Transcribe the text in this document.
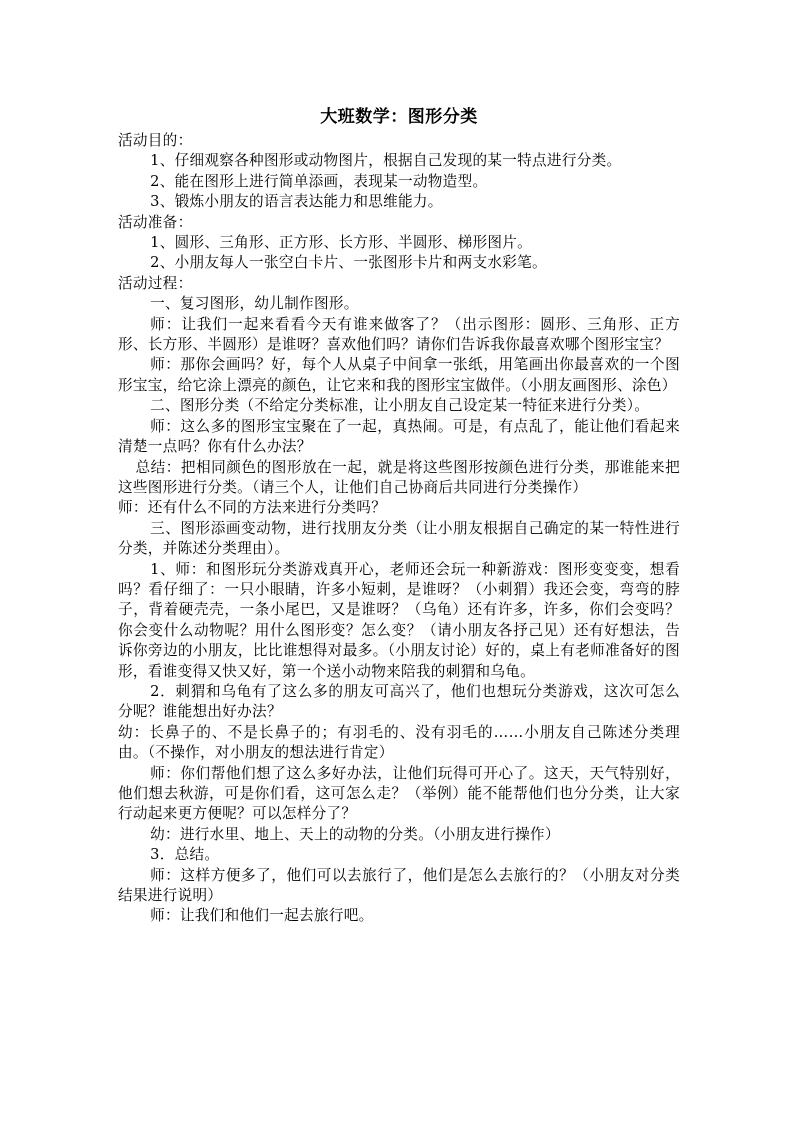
大班数学：图形分类

活动目的：

1、仔细观察各种图形或动物图片，根据自己发现的某一特点进行分类。

2、能在图形上进行简单添画，表现某一动物造型。

3、锻炼小朋友的语言表达能力和思维能力。

活动准备：

1、圆形、三角形、正方形、长方形、半圆形、梯形图片。

2、小朋友每人一张空白卡片、一张图形卡片和两支水彩笔。

活动过程：

一、复习图形，幼儿制作图形。

师：让我们一起来看看今天有谁来做客了？（出示图形：圆形、三角形、正方形、长方形、半圆形）是谁呀？喜欢他们吗？请你们告诉我你最喜欢哪个图形宝宝？

师：那你会画吗？好，每个人从桌子中间拿一张纸，用笔画出你最喜欢的一个图形宝宝，给它涂上漂亮的颜色，让它来和我的图形宝宝做伴。（小朋友画图形、涂色）

二、图形分类（不给定分类标准，让小朋友自己设定某一特征来进行分类）。

师：这么多的图形宝宝聚在了一起，真热闹。可是，有点乱了，能让他们看起来清楚一点吗？你有什么办法？

总结：把相同颜色的图形放在一起，就是将这些图形按颜色进行分类，那谁能来把这些图形进行分类。（请三个人，让他们自己协商后共同进行分类操作）

师：还有什么不同的方法来进行分类吗？

三、图形添画变动物，进行找朋友分类（让小朋友根据自己确定的某一特性进行分类，并陈述分类理由）。

1、师：和图形玩分类游戏真开心，老师还会玩一种新游戏：图形变变变，想看吗？看仔细了：一只小眼睛，许多小短刺，是谁呀？（小刺猬）我还会变，弯弯的脖子，背着硬壳壳，一条小尾巴，又是谁呀？（乌龟）还有许多，许多，你们会变吗？你会变什么动物呢？用什么图形变？怎么变？（请小朋友各抒己见）还有好想法，告诉你旁边的小朋友，比比谁想得对最多。（小朋友讨论）好的，桌上有老师准备好的图形，看谁变得又快又好，第一个送小动物来陪我的刺猬和乌龟。

2．刺猬和乌龟有了这么多的朋友可高兴了，他们也想玩分类游戏，这次可怎么分呢？谁能想出好办法？

幼：长鼻子的、不是长鼻子的；有羽毛的、没有羽毛的……小朋友自己陈述分类理由。（不操作，对小朋友的想法进行肯定）

师：你们帮他们想了这么多好办法，让他们玩得可开心了。这天，天气特别好，他们想去秋游，可是你们看，这可怎么走？（举例）能不能帮他们也分分类，让大家行动起来更方便呢？可以怎样分了？

幼：进行水里、地上、天上的动物的分类。（小朋友进行操作）

3．总结。

师：这样方便多了，他们可以去旅行了，他们是怎么去旅行的？（小朋友对分类结果进行说明）

师：让我们和他们一起去旅行吧。
